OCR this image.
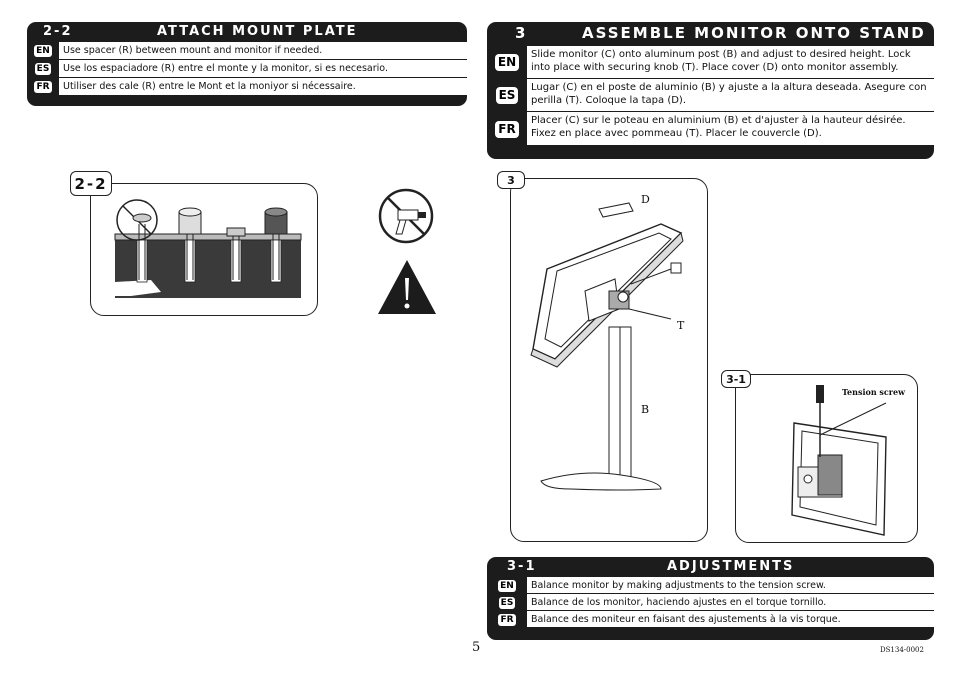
2-2	ATTACH MOUNT PLATE
EN	Use spacer (R) between mount and monitor if needed.
ES	Use los espaciadore (R) entre el monte y la monitor, si es necesario.
FR	Utiliser des cale (R) entre le Mont et la moniyor si nécessaire.
3	ASSEMBLE MONITOR ONTO STAND
EN
Slide monitor (C) onto aluminum post (B) and adjust to desired height. Lock into place with securing knob (T). Place cover (D) onto monitor assembly.
ES
Lugar (C) en el poste de aluminio (B) y ajuste a la altura deseada. Asegure con perilla (T). Coloque la tapa (D).
FR
Placer (C) sur le poteau en aluminium (B) et d'ajuster à la hauteur désirée. Fixez en place avec pommeau (T). Placer le couvercle (D).
2-2
D
T
B
3
Tension screw
3-1
3-1	ADJUSTMENTS
EN	Balance monitor by making adjustments to the tension screw.
ES	Balance de los monitor, haciendo ajustes en el torque tornillo.
FR	Balance des moniteur en faisant des ajustements à la vis torque.
5	DS134-0002
